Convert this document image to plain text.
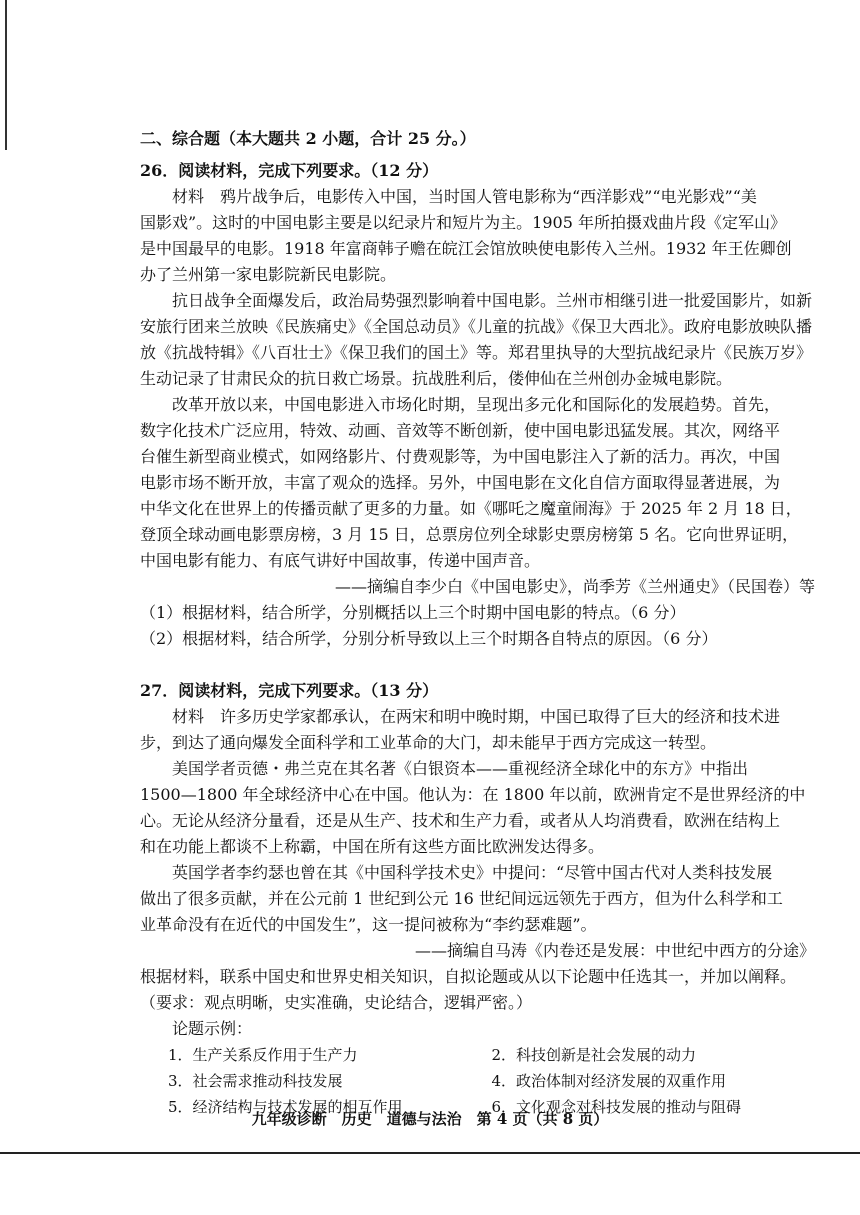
二、综合题（本大题共 2 小题，合计 25 分。）
26．阅读材料，完成下列要求。（12 分）
材料　鸦片战争后，电影传入中国，当时国人管电影称为“西洋影戏”“电光影戏”“美
国影戏”。这时的中国电影主要是以纪录片和短片为主。1905 年所拍摄戏曲片段《定军山》
是中国最早的电影。1918 年富商韩子赡在皖江会馆放映使电影传入兰州。1932 年王佐卿创
办了兰州第一家电影院新民电影院。
抗日战争全面爆发后，政治局势强烈影响着中国电影。兰州市相继引进一批爱国影片，如新
安旅行团来兰放映《民族痛史》《全国总动员》《儿童的抗战》《保卫大西北》。政府电影放映队播
放《抗战特辑》《八百壮士》《保卫我们的国土》等。郑君里执导的大型抗战纪录片《民族万岁》
生动记录了甘肃民众的抗日救亡场景。抗战胜利后，偻伸仙在兰州创办金城电影院。
改革开放以来，中国电影进入市场化时期，呈现出多元化和国际化的发展趋势。首先，
数字化技术广泛应用，特效、动画、音效等不断创新，使中国电影迅猛发展。其次，网络平
台催生新型商业模式，如网络影片、付费观影等，为中国电影注入了新的活力。再次，中国
电影市场不断开放，丰富了观众的选择。另外，中国电影在文化自信方面取得显著进展，为
中华文化在世界上的传播贡献了更多的力量。如《哪吒之魔童闹海》于 2025 年 2 月 18 日，
登顶全球动画电影票房榜，3 月 15 日，总票房位列全球影史票房榜第 5 名。它向世界证明，
中国电影有能力、有底气讲好中国故事，传递中国声音。
——摘编自李少白《中国电影史》，尚季芳《兰州通史》（民国卷）等
（1）根据材料，结合所学，分别概括以上三个时期中国电影的特点。（6 分）
（2）根据材料，结合所学，分别分析导致以上三个时期各自特点的原因。（6 分）
27．阅读材料，完成下列要求。（13 分）
材料　许多历史学家都承认，在两宋和明中晚时期，中国已取得了巨大的经济和技术进
步，到达了通向爆发全面科学和工业革命的大门，却未能早于西方完成这一转型。
美国学者贡德・弗兰克在其名著《白银资本——重视经济全球化中的东方》中指出
1500—1800 年全球经济中心在中国。他认为：在 1800 年以前，欧洲肯定不是世界经济的中
心。无论从经济分量看，还是从生产、技术和生产力看，或者从人均消费看，欧洲在结构上
和在功能上都谈不上称霸，中国在所有这些方面比欧洲发达得多。
英国学者李约瑟也曾在其《中国科学技术史》中提问：“尽管中国古代对人类科技发展
做出了很多贡献，并在公元前 1 世纪到公元 16 世纪间远远领先于西方，但为什么科学和工
业革命没有在近代的中国发生”，这一提问被称为“李约瑟难题”。
——摘编自马涛《内卷还是发展：中世纪中西方的分途》
根据材料，联系中国史和世界史相关知识，自拟论题或从以下论题中任选其一，并加以阐释。
（要求：观点明晰，史实准确，史论结合，逻辑严密。）
论题示例：
1．生产关系反作用于生产力	2．科技创新是社会发展的动力
3．社会需求推动科技发展	4．政治体制对经济发展的双重作用
5．经济结构与技术发展的相互作用	6．文化观念对科技发展的推动与阻碍
九年级诊断　历史　道德与法治　第 4 页（共 8 页）
